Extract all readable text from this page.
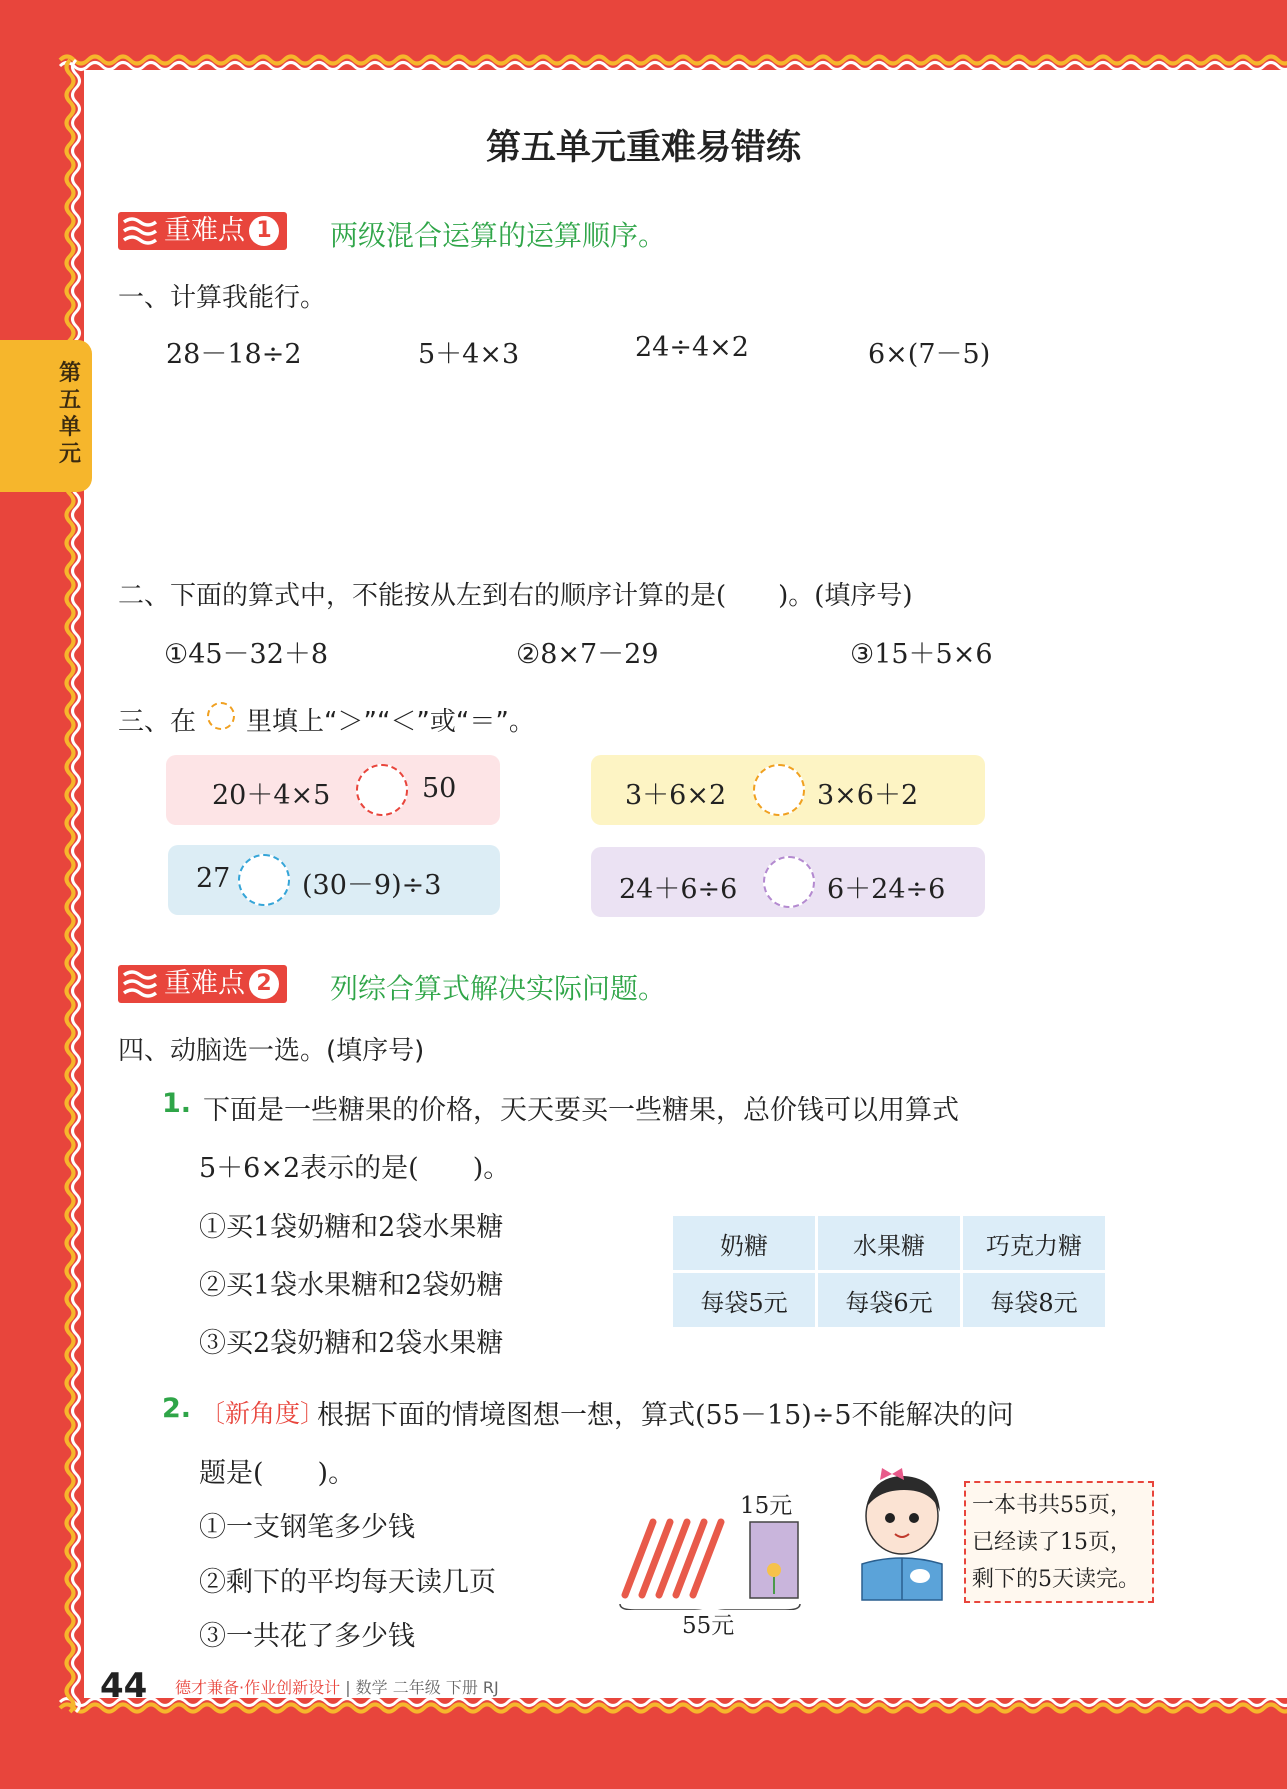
第五单元
第五单元重难易错练
重难点 1 两级混合运算的运算顺序。
一、计算我能行。
28－18÷2	5＋4×3	24÷4×2	6×(7－5)
二、下面的算式中，不能按从左到右的顺序计算的是(　　)。(填序号)
①45－32＋8	②8×7－29	③15＋5×6
三、在 里填上“＞”“＜”或“＝”。
20＋4×5	50	3＋6×2	3×6＋2
27	(30－9)÷3	24＋6÷6	6＋24÷6
重难点 2 列综合算式解决实际问题。
四、动脑选一选。(填序号)
1. 下面是一些糖果的价格，天天要买一些糖果，总价钱可以用算式
5＋6×2表示的是(　　)。
①买1袋奶糖和2袋水果糖
②买1袋水果糖和2袋奶糖
③买2袋奶糖和2袋水果糖
奶糖	水果糖	巧克力糖
每袋5元	每袋6元	每袋8元
2. 〔新角度〕
根据下面的情境图想一想，算式(55－15)÷5不能解决的问
题是(　　)。
①一支钢笔多少钱
②剩下的平均每天读几页
③一共花了多少钱
15元
55元
一本书共55页，
已经读了15页，
剩下的5天读完。
44 德才兼备·作业创新设计 | 数学 二年级 下册 RJ
